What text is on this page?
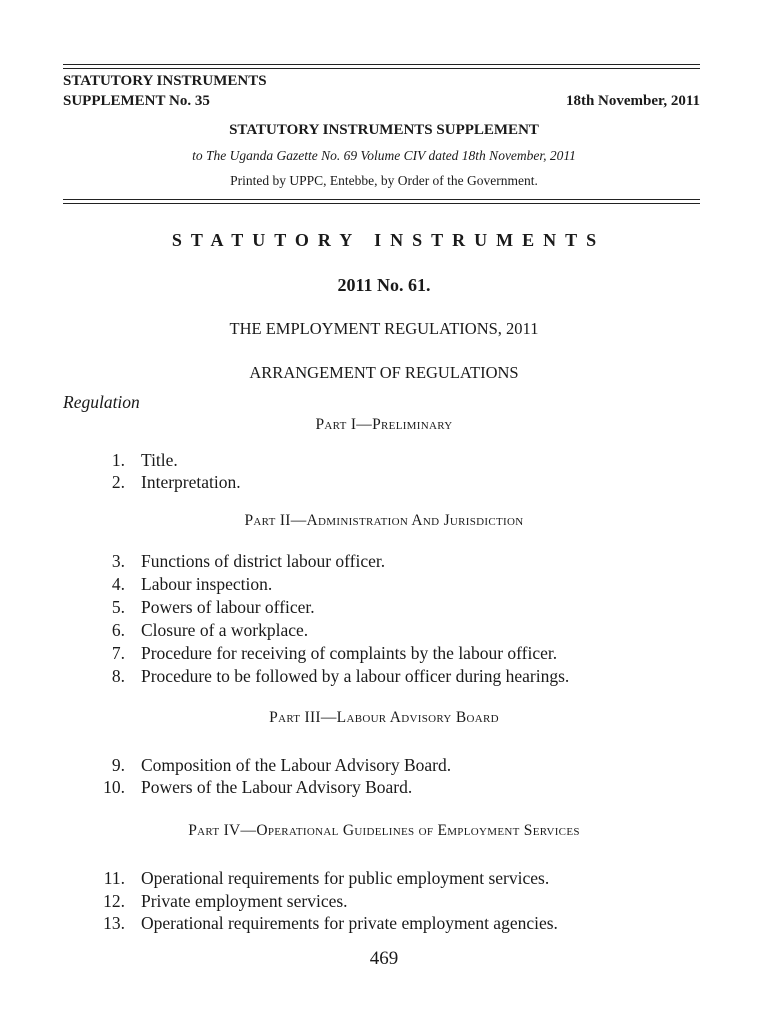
STATUTORY INSTRUMENTS
SUPPLEMENT No. 35	18th November, 2011
STATUTORY INSTRUMENTS SUPPLEMENT
to The Uganda Gazette No. 69 Volume CIV dated 18th November, 2011
Printed by UPPC, Entebbe, by Order of the Government.
STATUTORY INSTRUMENTS
2011 No. 61.
THE EMPLOYMENT REGULATIONS, 2011
ARRANGEMENT OF REGULATIONS
Regulation
Part I—Preliminary
1. Title.
2. Interpretation.
Part II—Administration And Jurisdiction
3. Functions of district labour officer.
4. Labour inspection.
5. Powers of labour officer.
6. Closure of a workplace.
7. Procedure for receiving of complaints by the labour officer.
8. Procedure to be followed by a labour officer during hearings.
Part III—Labour Advisory Board
9. Composition of the Labour Advisory Board.
10. Powers of the Labour Advisory Board.
Part IV—Operational Guidelines of Employment Services
11. Operational requirements for public employment services.
12. Private employment services.
13. Operational requirements for private employment agencies.
469
